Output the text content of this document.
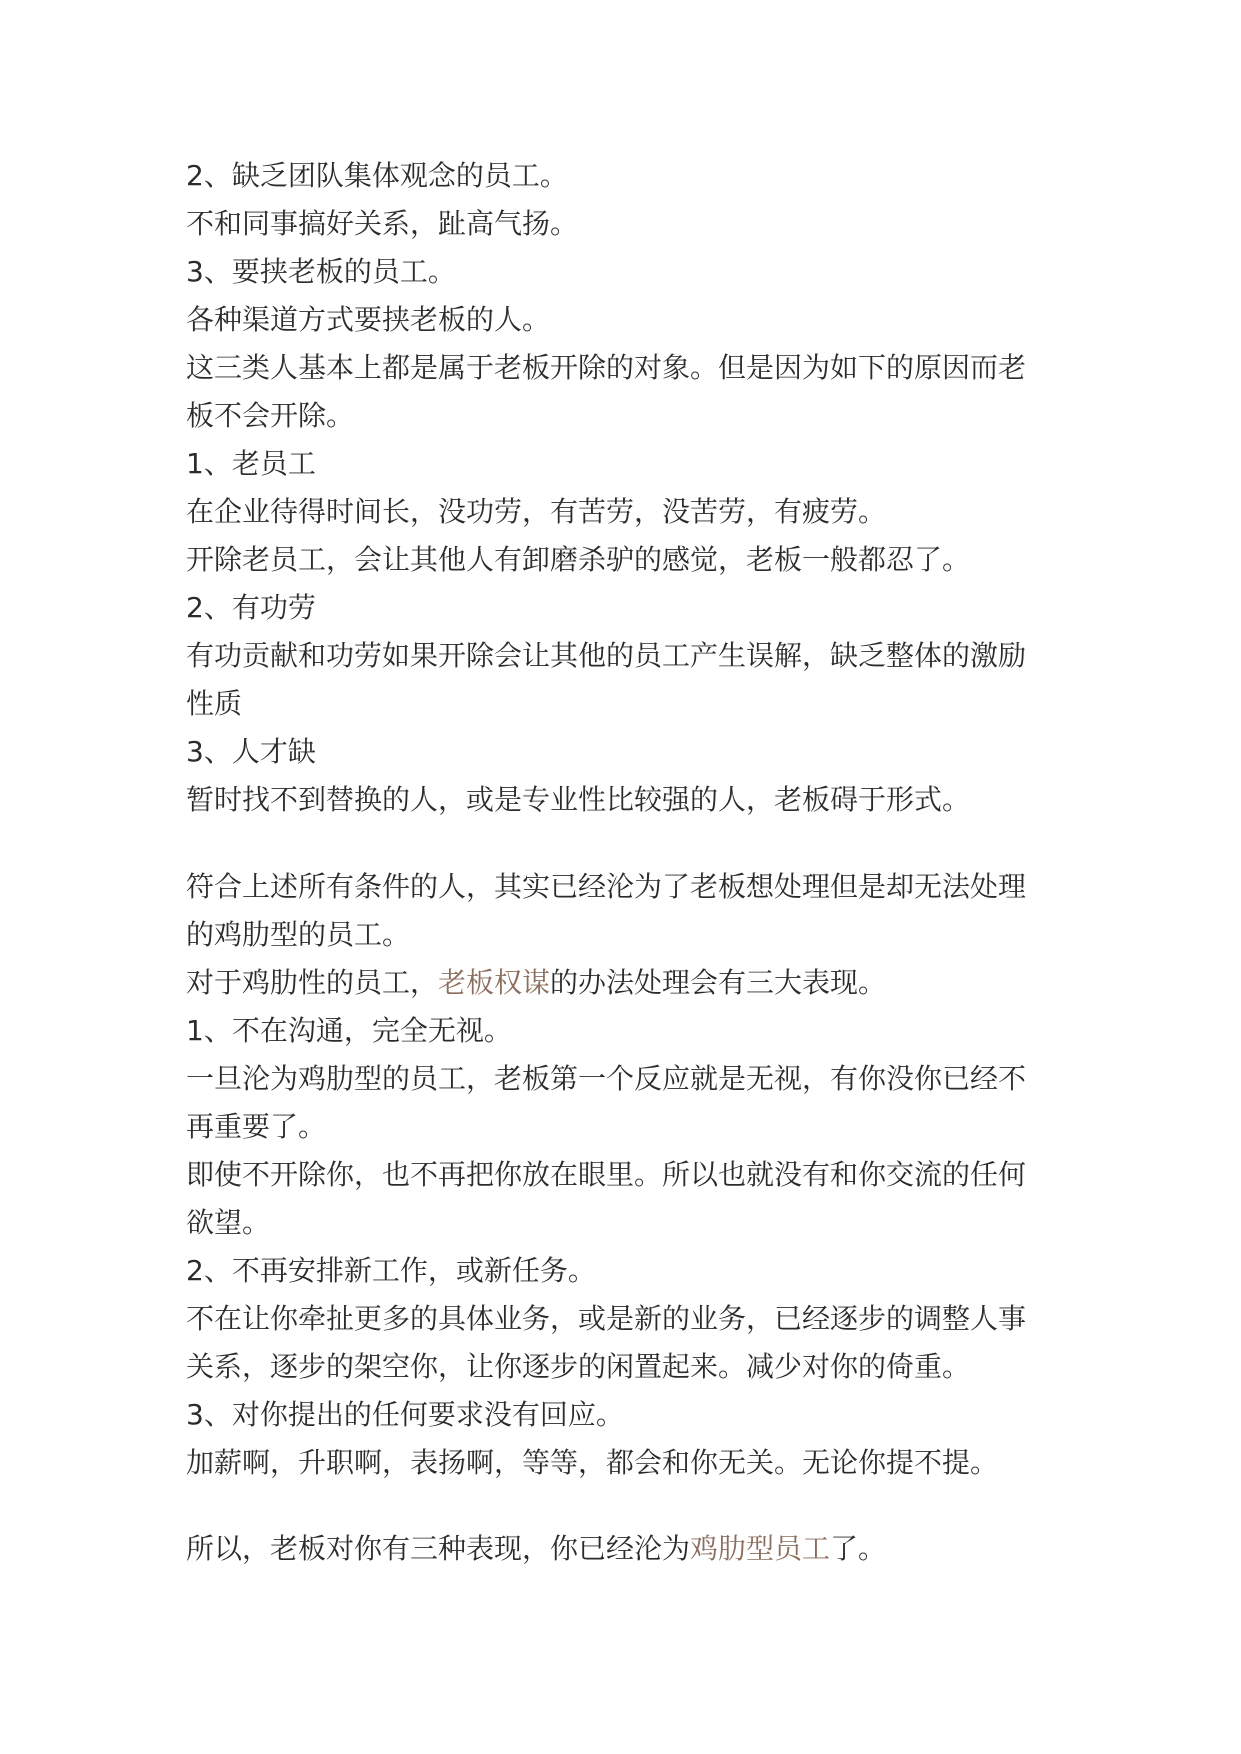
2、缺乏团队集体观念的员工。

不和同事搞好关系，趾高气扬。

3、要挟老板的员工。

各种渠道方式要挟老板的人。

这三类人基本上都是属于老板开除的对象。但是因为如下的原因而老板不会开除。

1、老员工

在企业待得时间长，没功劳，有苦劳，没苦劳，有疲劳。

开除老员工，会让其他人有卸磨杀驴的感觉，老板一般都忍了。

2、有功劳

有功贡献和功劳如果开除会让其他的员工产生误解，缺乏整体的激励性质

3、人才缺

暂时找不到替换的人，或是专业性比较强的人，老板碍于形式。

符合上述所有条件的人，其实已经沦为了老板想处理但是却无法处理的鸡肋型的员工。

对于鸡肋性的员工，老板权谋的办法处理会有三大表现。

1、不在沟通，完全无视。

一旦沦为鸡肋型的员工，老板第一个反应就是无视，有你没你已经不再重要了。

即使不开除你，也不再把你放在眼里。所以也就没有和你交流的任何欲望。

2、不再安排新工作，或新任务。

不在让你牵扯更多的具体业务，或是新的业务，已经逐步的调整人事关系，逐步的架空你，让你逐步的闲置起来。减少对你的倚重。

3、对你提出的任何要求没有回应。

加薪啊，升职啊，表扬啊，等等，都会和你无关。无论你提不提。

所以，老板对你有三种表现，你已经沦为鸡肋型员工了。
